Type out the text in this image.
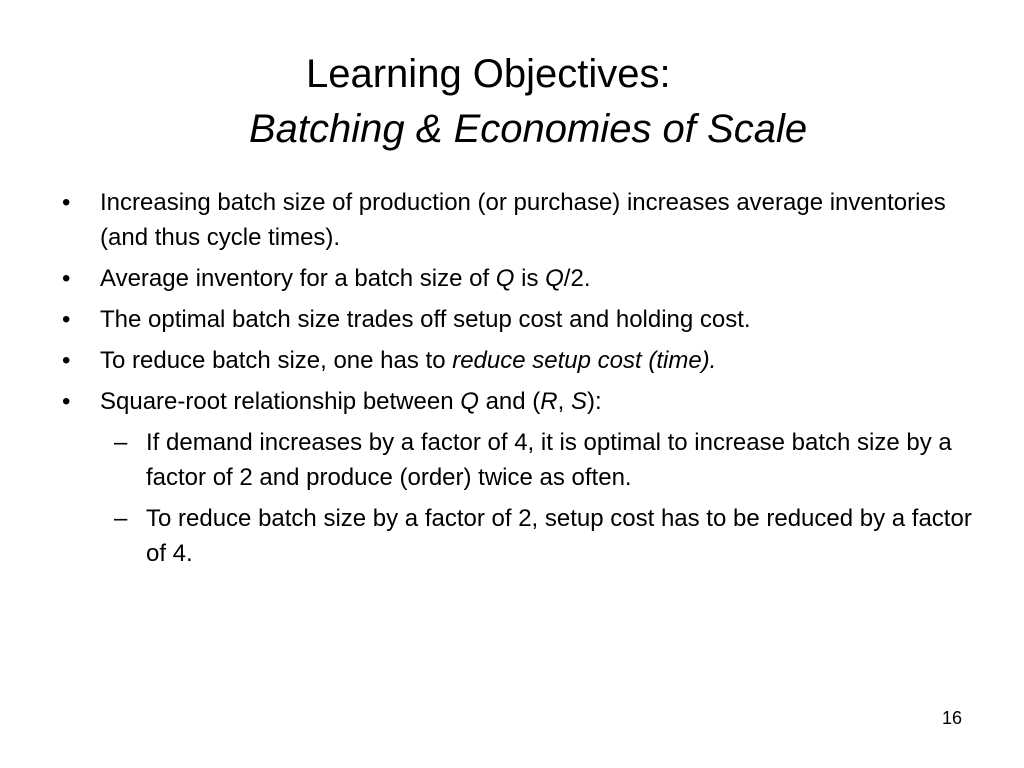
Learning Objectives:
Batching & Economies of Scale
• Increasing batch size of production (or purchase) increases average inventories (and thus cycle times).
• Average inventory for a batch size of Q is Q/2.
• The optimal batch size trades off setup cost and holding cost.
• To reduce batch size, one has to reduce setup cost (time).
• Square-root relationship between Q and (R, S):
– If demand increases by a factor of 4, it is optimal to increase batch size by a factor of 2 and produce (order) twice as often.
– To reduce batch size by a factor of 2, setup cost has to be reduced by a factor of 4.
16
